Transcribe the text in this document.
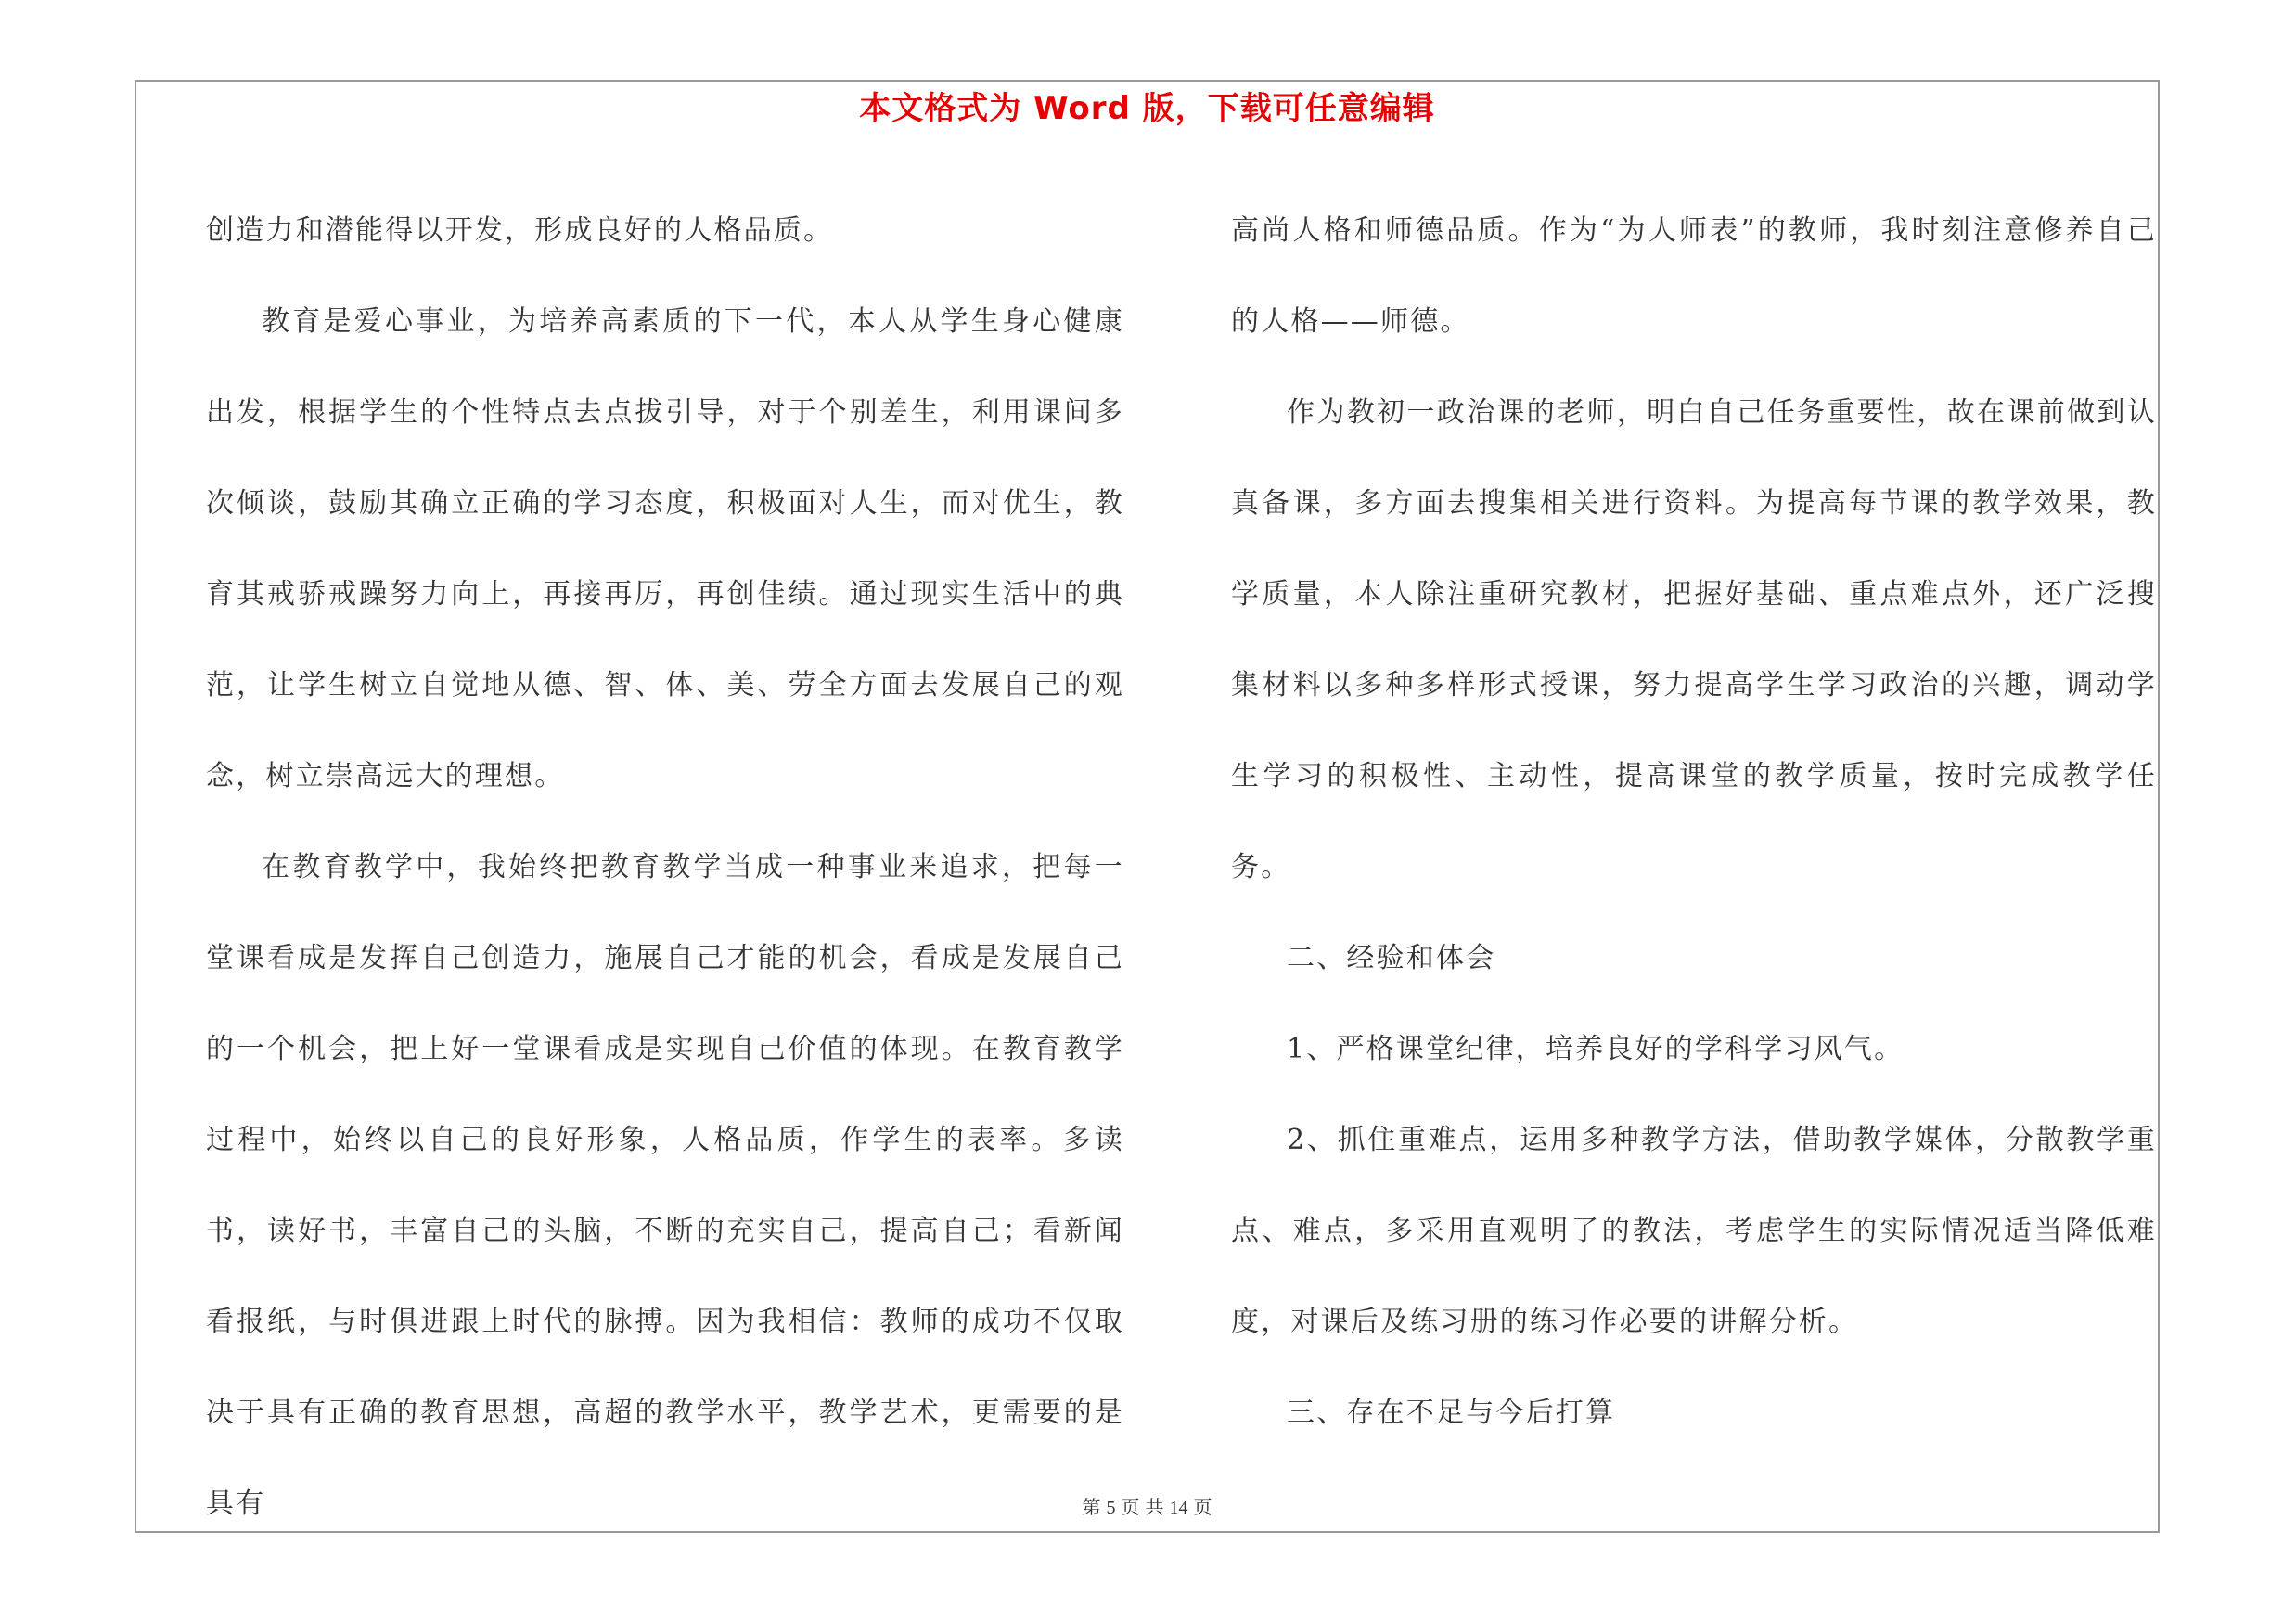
本文格式为 Word 版，下载可任意编辑

创造力和潜能得以开发，形成良好的人格品质。

教育是爱心事业，为培养高素质的下一代，本人从学生身心健康出发，根据学生的个性特点去点拔引导，对于个别差生，利用课间多次倾谈，鼓励其确立正确的学习态度，积极面对人生，而对优生，教育其戒骄戒躁努力向上，再接再厉，再创佳绩。通过现实生活中的典范，让学生树立自觉地从德、智、体、美、劳全方面去发展自己的观念，树立崇高远大的理想。

在教育教学中，我始终把教育教学当成一种事业来追求，把每一堂课看成是发挥自己创造力，施展自己才能的机会，看成是发展自己的一个机会，把上好一堂课看成是实现自己价值的体现。在教育教学过程中，始终以自己的良好形象，人格品质，作学生的表率。多读书，读好书，丰富自己的头脑，不断的充实自己，提高自己；看新闻看报纸，与时俱进跟上时代的脉搏。因为我相信：教师的成功不仅取决于具有正确的教育思想，高超的教学水平，教学艺术，更需要的是具有

高尚人格和师德品质。作为“为人师表”的教师，我时刻注意修养自己的人格——师德。

作为教初一政治课的老师，明白自己任务重要性，故在课前做到认真备课，多方面去搜集相关进行资料。为提高每节课的教学效果，教学质量，本人除注重研究教材，把握好基础、重点难点外，还广泛搜集材料以多种多样形式授课，努力提高学生学习政治的兴趣，调动学生学习的积极性、主动性，提高课堂的教学质量，按时完成教学任务。

二、经验和体会

1、严格课堂纪律，培养良好的学科学习风气。

2、抓住重难点，运用多种教学方法，借助教学媒体，分散教学重点、难点，多采用直观明了的教法，考虑学生的实际情况适当降低难度，对课后及练习册的练习作必要的讲解分析。

三、存在不足与今后打算

第 5 页 共 14 页
